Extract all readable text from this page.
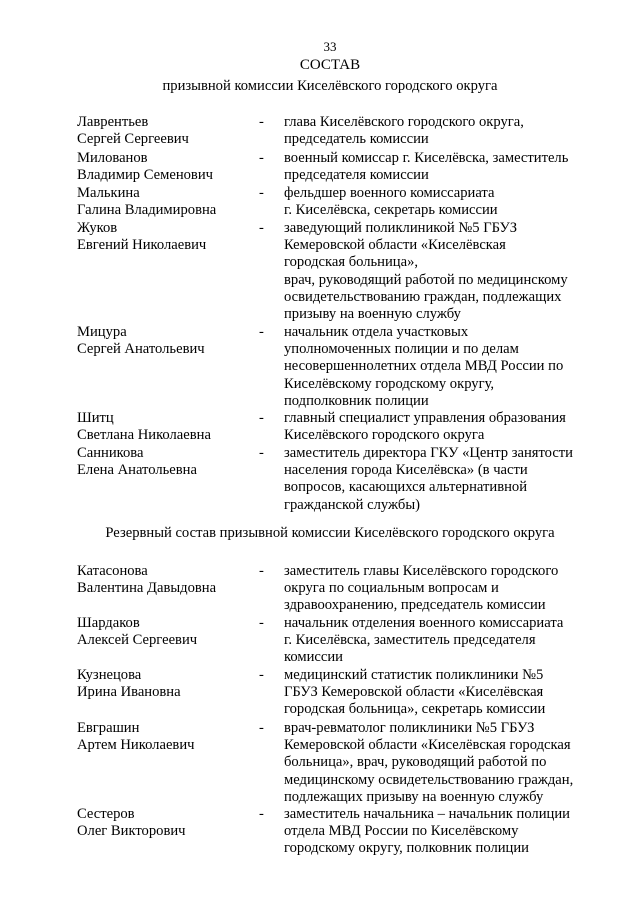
33
СОСТАВ
призывной комиссии Киселёвского городского округа
Лаврентьев
Сергей Сергеевич
- глава Киселёвского городского округа,
председатель комиссии
Милованов
Владимир Семенович
- военный комиссар г. Киселёвска, заместитель
председателя комиссии
Малькина
Галина Владимировна
- фельдшер военного комиссариата
г. Киселёвска, секретарь комиссии
Жуков
Евгений Николаевич
- заведующий поликлиникой №5 ГБУЗ
Кемеровской области «Киселёвская
городская больница»,
врач, руководящий работой по медицинскому
освидетельствованию граждан, подлежащих
призыву на военную службу
Мицура
Сергей Анатольевич
- начальник отдела участковых
уполномоченных полиции и по делам
несовершеннолетних отдела МВД России по
Киселёвскому городскому округу,
подполковник полиции
Шитц
Светлана Николаевна
- главный специалист управления образования
Киселёвского городского округа
Санникова
Елена Анатольевна
- заместитель директора ГКУ «Центр занятости
населения города Киселёвска» (в части
вопросов, касающихся альтернативной
гражданской службы)
Резервный состав призывной комиссии Киселёвского городского округа
Катасонова
Валентина Давыдовна
- заместитель главы Киселёвского городского
округа по социальным вопросам и
здравоохранению, председатель комиссии
Шардаков
Алексей Сергеевич
- начальник отделения военного комиссариата
г. Киселёвска, заместитель председателя
комиссии
Кузнецова
Ирина Ивановна
- медицинский статистик поликлиники №5
ГБУЗ Кемеровской области «Киселёвская
городская больница», секретарь комиссии
Евграшин
Артем Николаевич
- врач-ревматолог поликлиники №5 ГБУЗ
Кемеровской области «Киселёвская городская
больница», врач, руководящий работой по
медицинскому освидетельствованию граждан,
подлежащих призыву на военную службу
Сестеров
Олег Викторович
- заместитель начальника – начальник полиции
отдела МВД России по Киселёвскому
городскому округу, полковник полиции
